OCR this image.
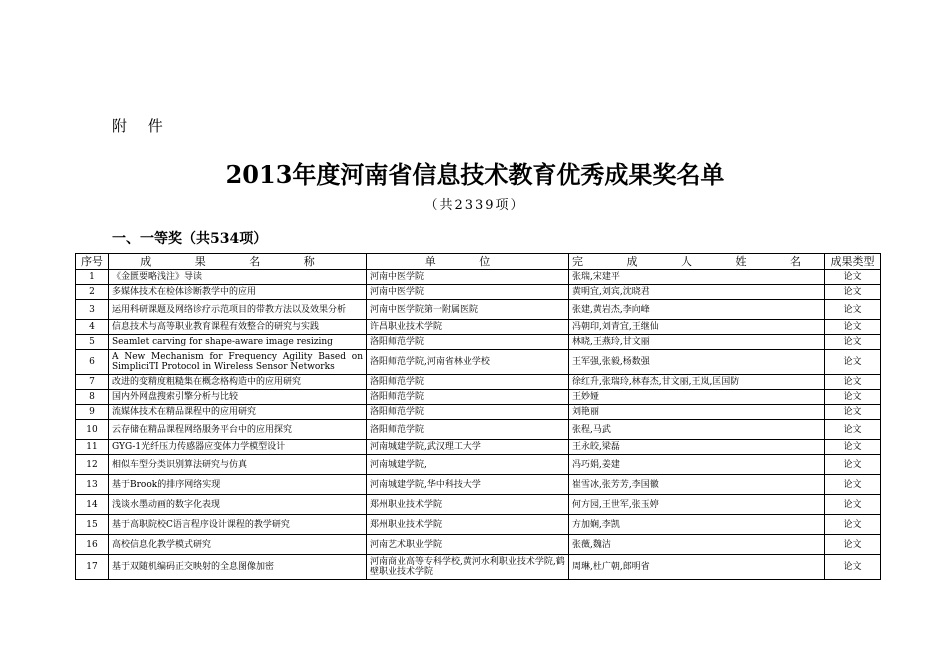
附 件
2013年度河南省信息技术教育优秀成果奖名单
（共2339项）
一、一等奖（共534项）
序号	成 果 名 称	单 位	完 成 人 姓 名	成果类型
1	《金匮要略浅注》导读	河南中医学院	张瑞,宋建平	论文
2	多媒体技术在检体诊断教学中的应用	河南中医学院	黄明宜,刘宾,沈晓君	论文
3	运用科研课题及网络诊疗示范项目的带教方法以及效果分析	河南中医学院第一附属医院	张建,黄岩杰,李向峰	论文
4	信息技术与高等职业教育课程有效整合的研究与实践	许昌职业技术学院	冯朝印,刘青宜,王继仙	论文
5	Seamlet carving for shape-aware image resizing	洛阳师范学院	林晓,王燕玲,甘文丽	论文
6	A New Mechanism for Frequency Agility Based on SimpliciTI Protocol in Wireless Sensor Networks	洛阳师范学院,河南省林业学校	王军强,张毅,杨数强	论文
7	改进的变精度粗糙集在概念格构造中的应用研究	洛阳师范学院	徐红升,张瑞玲,林春杰,甘文丽,王岚,匡国防	论文
8	国内外网盘搜索引擎分析与比较	洛阳师范学院	王妙娅	论文
9	流媒体技术在精品课程中的应用研究	洛阳师范学院	刘艳丽	论文
10	云存储在精品课程网络服务平台中的应用探究	洛阳师范学院	张程,马武	论文
11	GYG-1光纤压力传感器应变体力学模型设计	河南城建学院,武汉理工大学	王永皎,梁磊	论文
12	相似车型分类识别算法研究与仿真	河南城建学院,	冯巧娟,姜建	论文
13	基于Brook的排序网络实现	河南城建学院,华中科技大学	崔雪冰,张芳芳,李国徽	论文
14	浅谈水墨动画的数字化表现	郑州职业技术学院	何方园,王世军,张玉婷	论文
15	基于高职院校C语言程序设计课程的教学研究	郑州职业技术学院	方加娴,李凯	论文
16	高校信息化教学模式研究	河南艺术职业学院	张薇,魏洁	论文
17	基于双随机编码正交映射的全息图像加密	河南商业高等专科学校,黄河水利职业技术学院,鹤壁职业技术学院	周琳,杜广朝,郎明省	论文
